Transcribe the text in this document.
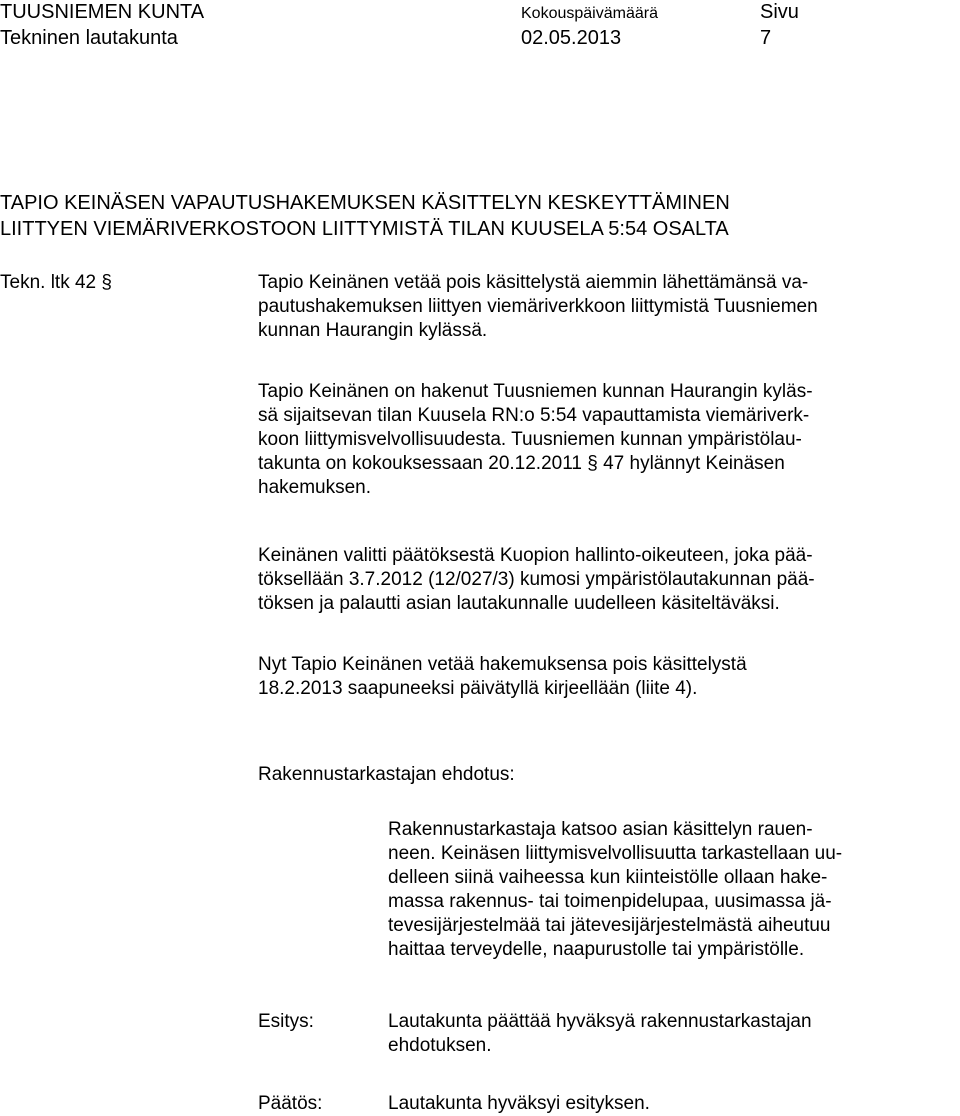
TUUSNIEMEN KUNTA	Kokouspäivämäärä	Sivu
Tekninen lautakunta	02.05.2013	7
TAPIO KEINÄSEN VAPAUTUSHAKEMUKSEN KÄSITTELYN KESKEYTTÄMINEN
LIITTYEN VIEMÄRIVERKOSTOON LIITTYMISTÄ TILAN KUUSELA 5:54 OSALTA
Tekn. ltk 42 §	Tapio Keinänen vetää pois käsittelystä aiemmin lähettämänsä va-

pautushakemuksen liittyen viemäriverkkoon liittymistä Tuusniemen

kunnan Haurangin kylässä.

Tapio Keinänen on hakenut Tuusniemen kunnan Haurangin kyläs-

sä sijaitsevan tilan Kuusela RN:o 5:54 vapauttamista viemäriverk-

koon liittymisvelvollisuudesta. Tuusniemen kunnan ympäristölau-

takunta on kokouksessaan 20.12.2011 § 47 hylännyt Keinäsen

hakemuksen.

Keinänen valitti päätöksestä Kuopion hallinto-oikeuteen, joka pää-

töksellään 3.7.2012 (12/027/3) kumosi ympäristölautakunnan pää-

töksen ja palautti asian lautakunnalle uudelleen käsiteltäväksi.

Nyt Tapio Keinänen vetää hakemuksensa pois käsittelystä

18.2.2013 saapuneeksi päivätyllä kirjeellään (liite 4).

Rakennustarkastajan ehdotus:

Rakennustarkastaja katsoo asian käsittelyn rauen-

neen. Keinäsen liittymisvelvollisuutta tarkastellaan uu-

delleen siinä vaiheessa kun kiinteistölle ollaan hake-

massa rakennus- tai toimenpidelupaa, uusimassa jä-

tevesijärjestelmää tai jätevesijärjestelmästä aiheutuu

haittaa terveydelle, naapurustolle tai ympäristölle.

Esitys:	Lautakunta päättää hyväksyä rakennustarkastajan

ehdotuksen.

Päätös:	Lautakunta hyväksyi esityksen.
